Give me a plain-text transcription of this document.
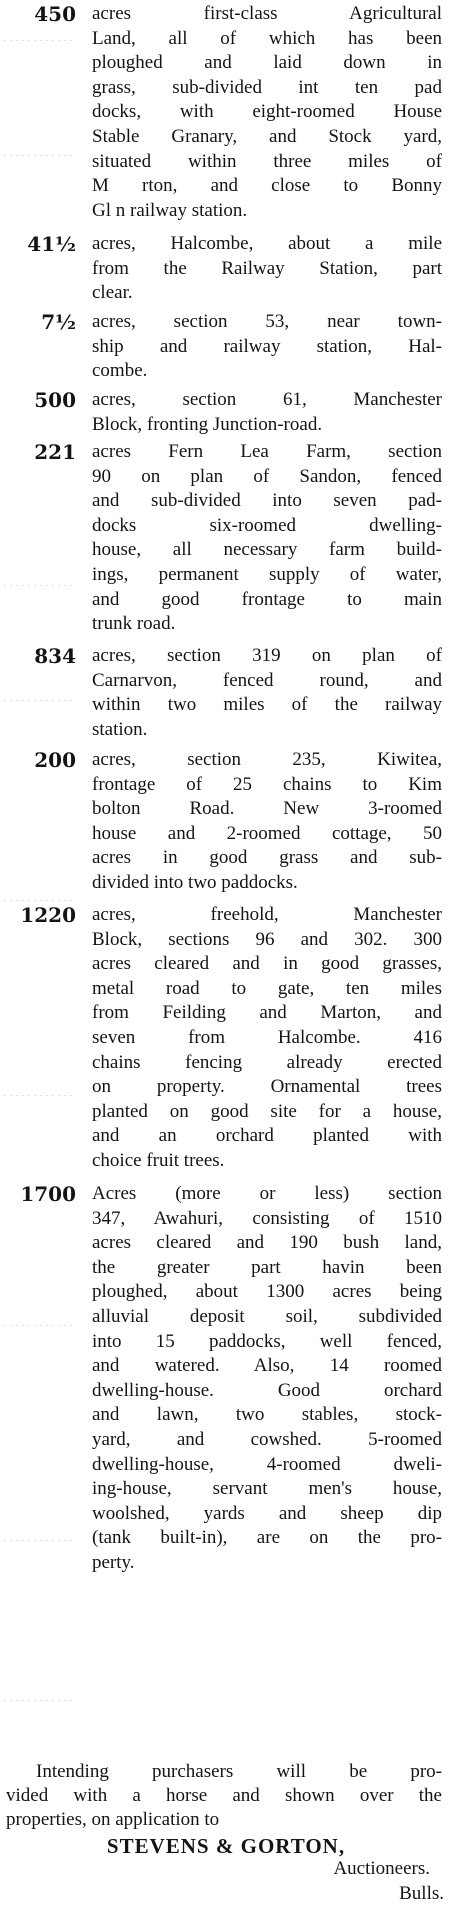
450 acres first-class Agricultural
Land, all of which has been
ploughed and laid down in
grass, sub-divided int ten pad
docks, with eight-roomed House
Stable Granary, and Stock yard,
situated within three miles of
M rton, and close to Bonny
Gl n railway station.
41½ acres, Halcombe, about a mile
from the Railway Station, part
clear.
7½ acres, section 53, near town-
ship and railway station, Hal-
combe.
500 acres, section 61, Manchester
Block, fronting Junction-road.
221 acres Fern Lea Farm, section
90 on plan of Sandon, fenced
and sub-divided into seven pad-
docks six-roomed dwelling-
house, all necessary farm build-
ings, permanent supply of water,
and good frontage to main
trunk road.
834 acres, section 319 on plan of
Carnarvon, fenced round, and
within two miles of the railway
station.
200 acres, section 235, Kiwitea,
frontage of 25 chains to Kim
bolton Road. New 3-roomed
house and 2-roomed cottage, 50
acres in good grass and sub-
divided into two paddocks.
1220 acres, freehold, Manchester
Block, sections 96 and 302. 300
acres cleared and in good grasses,
metal road to gate, ten miles
from Feilding and Marton, and
seven from Halcombe. 416
chains fencing already erected
on property. Ornamental trees
planted on good site for a house,
and an orchard planted with
choice fruit trees.
1700 Acres (more or less) section
347, Awahuri, consisting of 1510
acres cleared and 190 bush land,
the greater part havin been
ploughed, about 1300 acres being
alluvial deposit soil, subdivided
into 15 paddocks, well fenced,
and watered. Also, 14 roomed
dwelling-house. Good orchard
and lawn, two stables, stock-
yard, and cowshed. 5-roomed
dwelling-house, 4-roomed dweli-
ing-house, servant men's house,
woolshed, yards and sheep dip
(tank built-in), are on the pro-
perty.
Intending purchasers will be pro-
vided with a horse and shown over the
properties, on application to
STEVENS & GORTON,
Auctioneers.
Bulls.
